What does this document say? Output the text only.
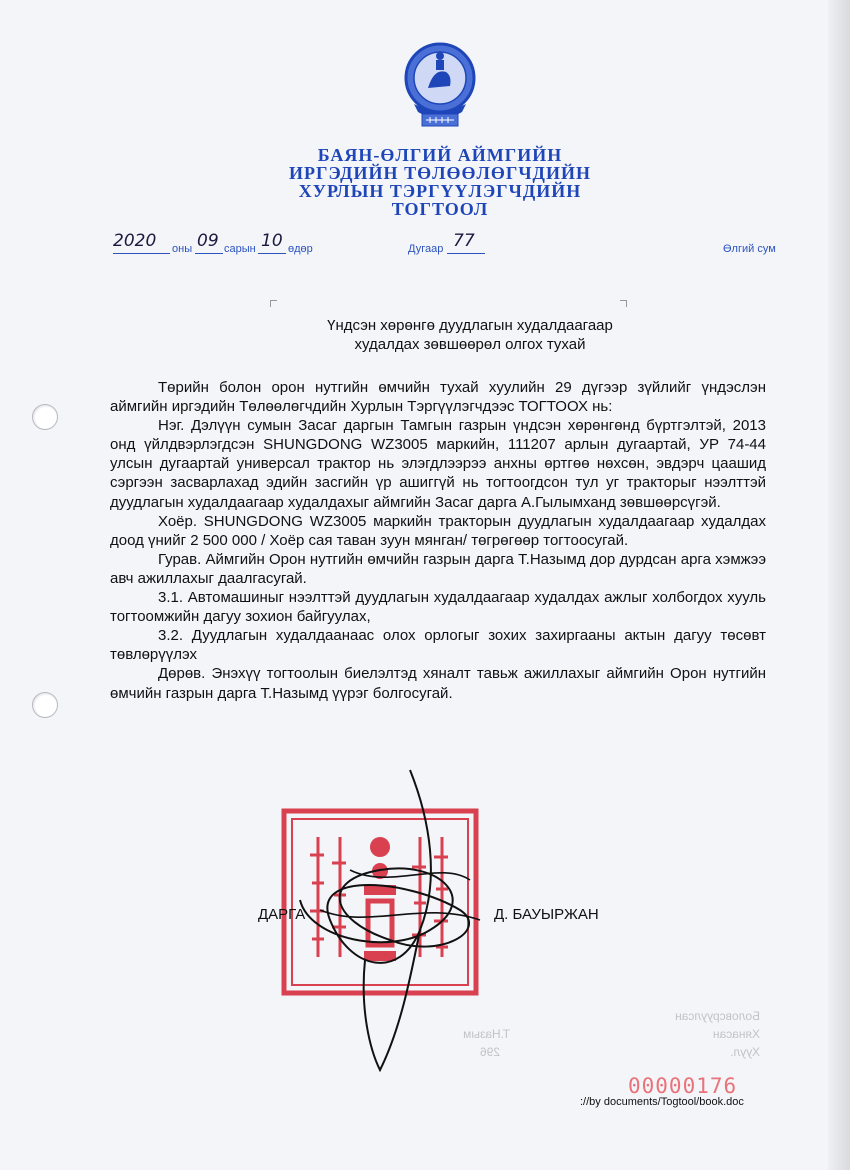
БАЯН-ӨЛГИЙ АЙМГИЙН
ИРГЭДИЙН ТӨЛӨӨЛӨГЧДИЙН
ХУРЛЫН ТЭРГҮҮЛЭГЧДИЙН
ТОГТООЛ
2020 оны 09 сарын 10 өдөр	Дугаар 77	Өлгий сум
Үндсэн хөрөнгө дуудлагын худалдаагаар
худалдах зөвшөөрөл олгох тухай

Төрийн болон орон нутгийн өмчийн тухай хуулийн 29 дүгээр зүйлийг үндэслэн аймгийн иргэдийн Төлөөлөгчдийн Хурлын Тэргүүлэгчдээс ТОГТООХ нь:

Нэг. Дэлүүн сумын Засаг даргын Тамгын газрын үндсэн хөрөнгөнд бүртгэлтэй, 2013 онд үйлдвэрлэгдсэн SHUNGDONG WZ3005 маркийн, 111207 арлын дугаартай, УР 74-44 улсын дугаартай универсал трактор нь элэгдлээрээ анхны өртгөө нөхсөн, эвдэрч цаашид сэргээн засварлахад эдийн засгийн үр ашиггүй нь тогтоогдсон тул уг тракторыг нээлттэй дуудлагын худалдаагаар худалдахыг аймгийн Засаг дарга А.Гылымханд зөвшөөрсүгэй.

Хоёр. SHUNGDONG WZ3005 маркийн тракторын дуудлагын худалдаагаар худалдах доод үнийг 2 500 000 / Хоёр сая таван зуун мянган/ төгрөгөөр тогтоосугай.

Гурав. Аймгийн Орон нутгийн өмчийн газрын дарга Т.Назымд дор дурдсан арга хэмжээ авч ажиллахыг даалгасугай.

3.1. Автомашиныг нээлттэй дуудлагын худалдаагаар худалдах ажлыг холбогдох хууль тогтоомжийн дагуу зохион байгуулах,

3.2. Дуудлагын худалдаанаас олох орлогыг зохих захиргааны актын дагуу төсөвт төвлөрүүлэх

Дөрөв. Энэхүү тогтоолын биелэлтэд хяналт тавьж ажиллахыг аймгийн Орон нутгийн өмчийн газрын дарга Т.Назымд үүрэг болгосугай.

ДАРГА	Д. БАУЫРЖАН
Боловсруулсан
Хянасан
Хуул.
Т.Назым
296
00000176
://by documents/Togtool/book.doc
